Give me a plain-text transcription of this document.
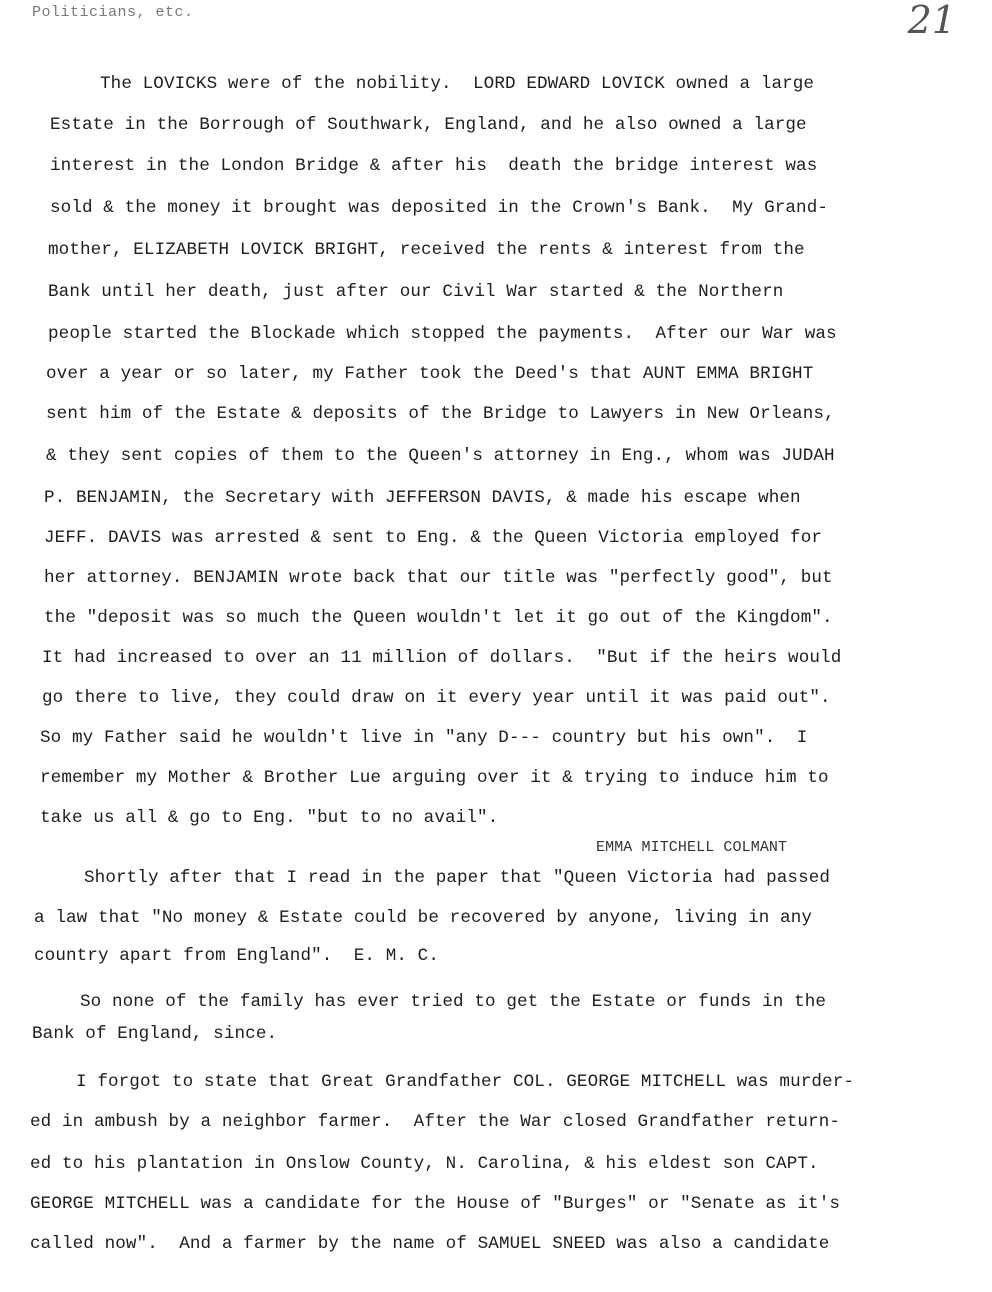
Politicians, etc.	21
The LOVICKS were of the nobility.  LORD EDWARD LOVICK owned a large
Estate in the Borrough of Southwark, England, and he also owned a large
interest in the London Bridge & after his  death the bridge interest was
sold & the money it brought was deposited in the Crown's Bank.  My Grand-
mother, ELIZABETH LOVICK BRIGHT, received the rents & interest from the
Bank until her death, just after our Civil War started & the Northern
people started the Blockade which stopped the payments.  After our War was
over a year or so later, my Father took the Deed's that AUNT EMMA BRIGHT
sent him of the Estate & deposits of the Bridge to Lawyers in New Orleans,
& they sent copies of them to the Queen's attorney in Eng., whom was JUDAH
P. BENJAMIN, the Secretary with JEFFERSON DAVIS, & made his escape when
JEFF. DAVIS was arrested & sent to Eng. & the Queen Victoria employed for
her attorney. BENJAMIN wrote back that our title was "perfectly good", but
the "deposit was so much the Queen wouldn't let it go out of the Kingdom".
It had increased to over an 11 million of dollars.  "But if the heirs would
go there to live, they could draw on it every year until it was paid out".
So my Father said he wouldn't live in "any D--- country but his own".  I
remember my Mother & Brother Lue arguing over it & trying to induce him to
take us all & go to Eng. "but to no avail".
EMMA MITCHELL COLMANT
Shortly after that I read in the paper that "Queen Victoria had passed
a law that "No money & Estate could be recovered by anyone, living in any
country apart from England".  E. M. C.
So none of the family has ever tried to get the Estate or funds in the
Bank of England, since.
I forgot to state that Great Grandfather COL. GEORGE MITCHELL was murder-
ed in ambush by a neighbor farmer.  After the War closed Grandfather return-
ed to his plantation in Onslow County, N. Carolina, & his eldest son CAPT.
GEORGE MITCHELL was a candidate for the House of "Burges" or "Senate as it's
called now".  And a farmer by the name of SAMUEL SNEED was also a candidate
